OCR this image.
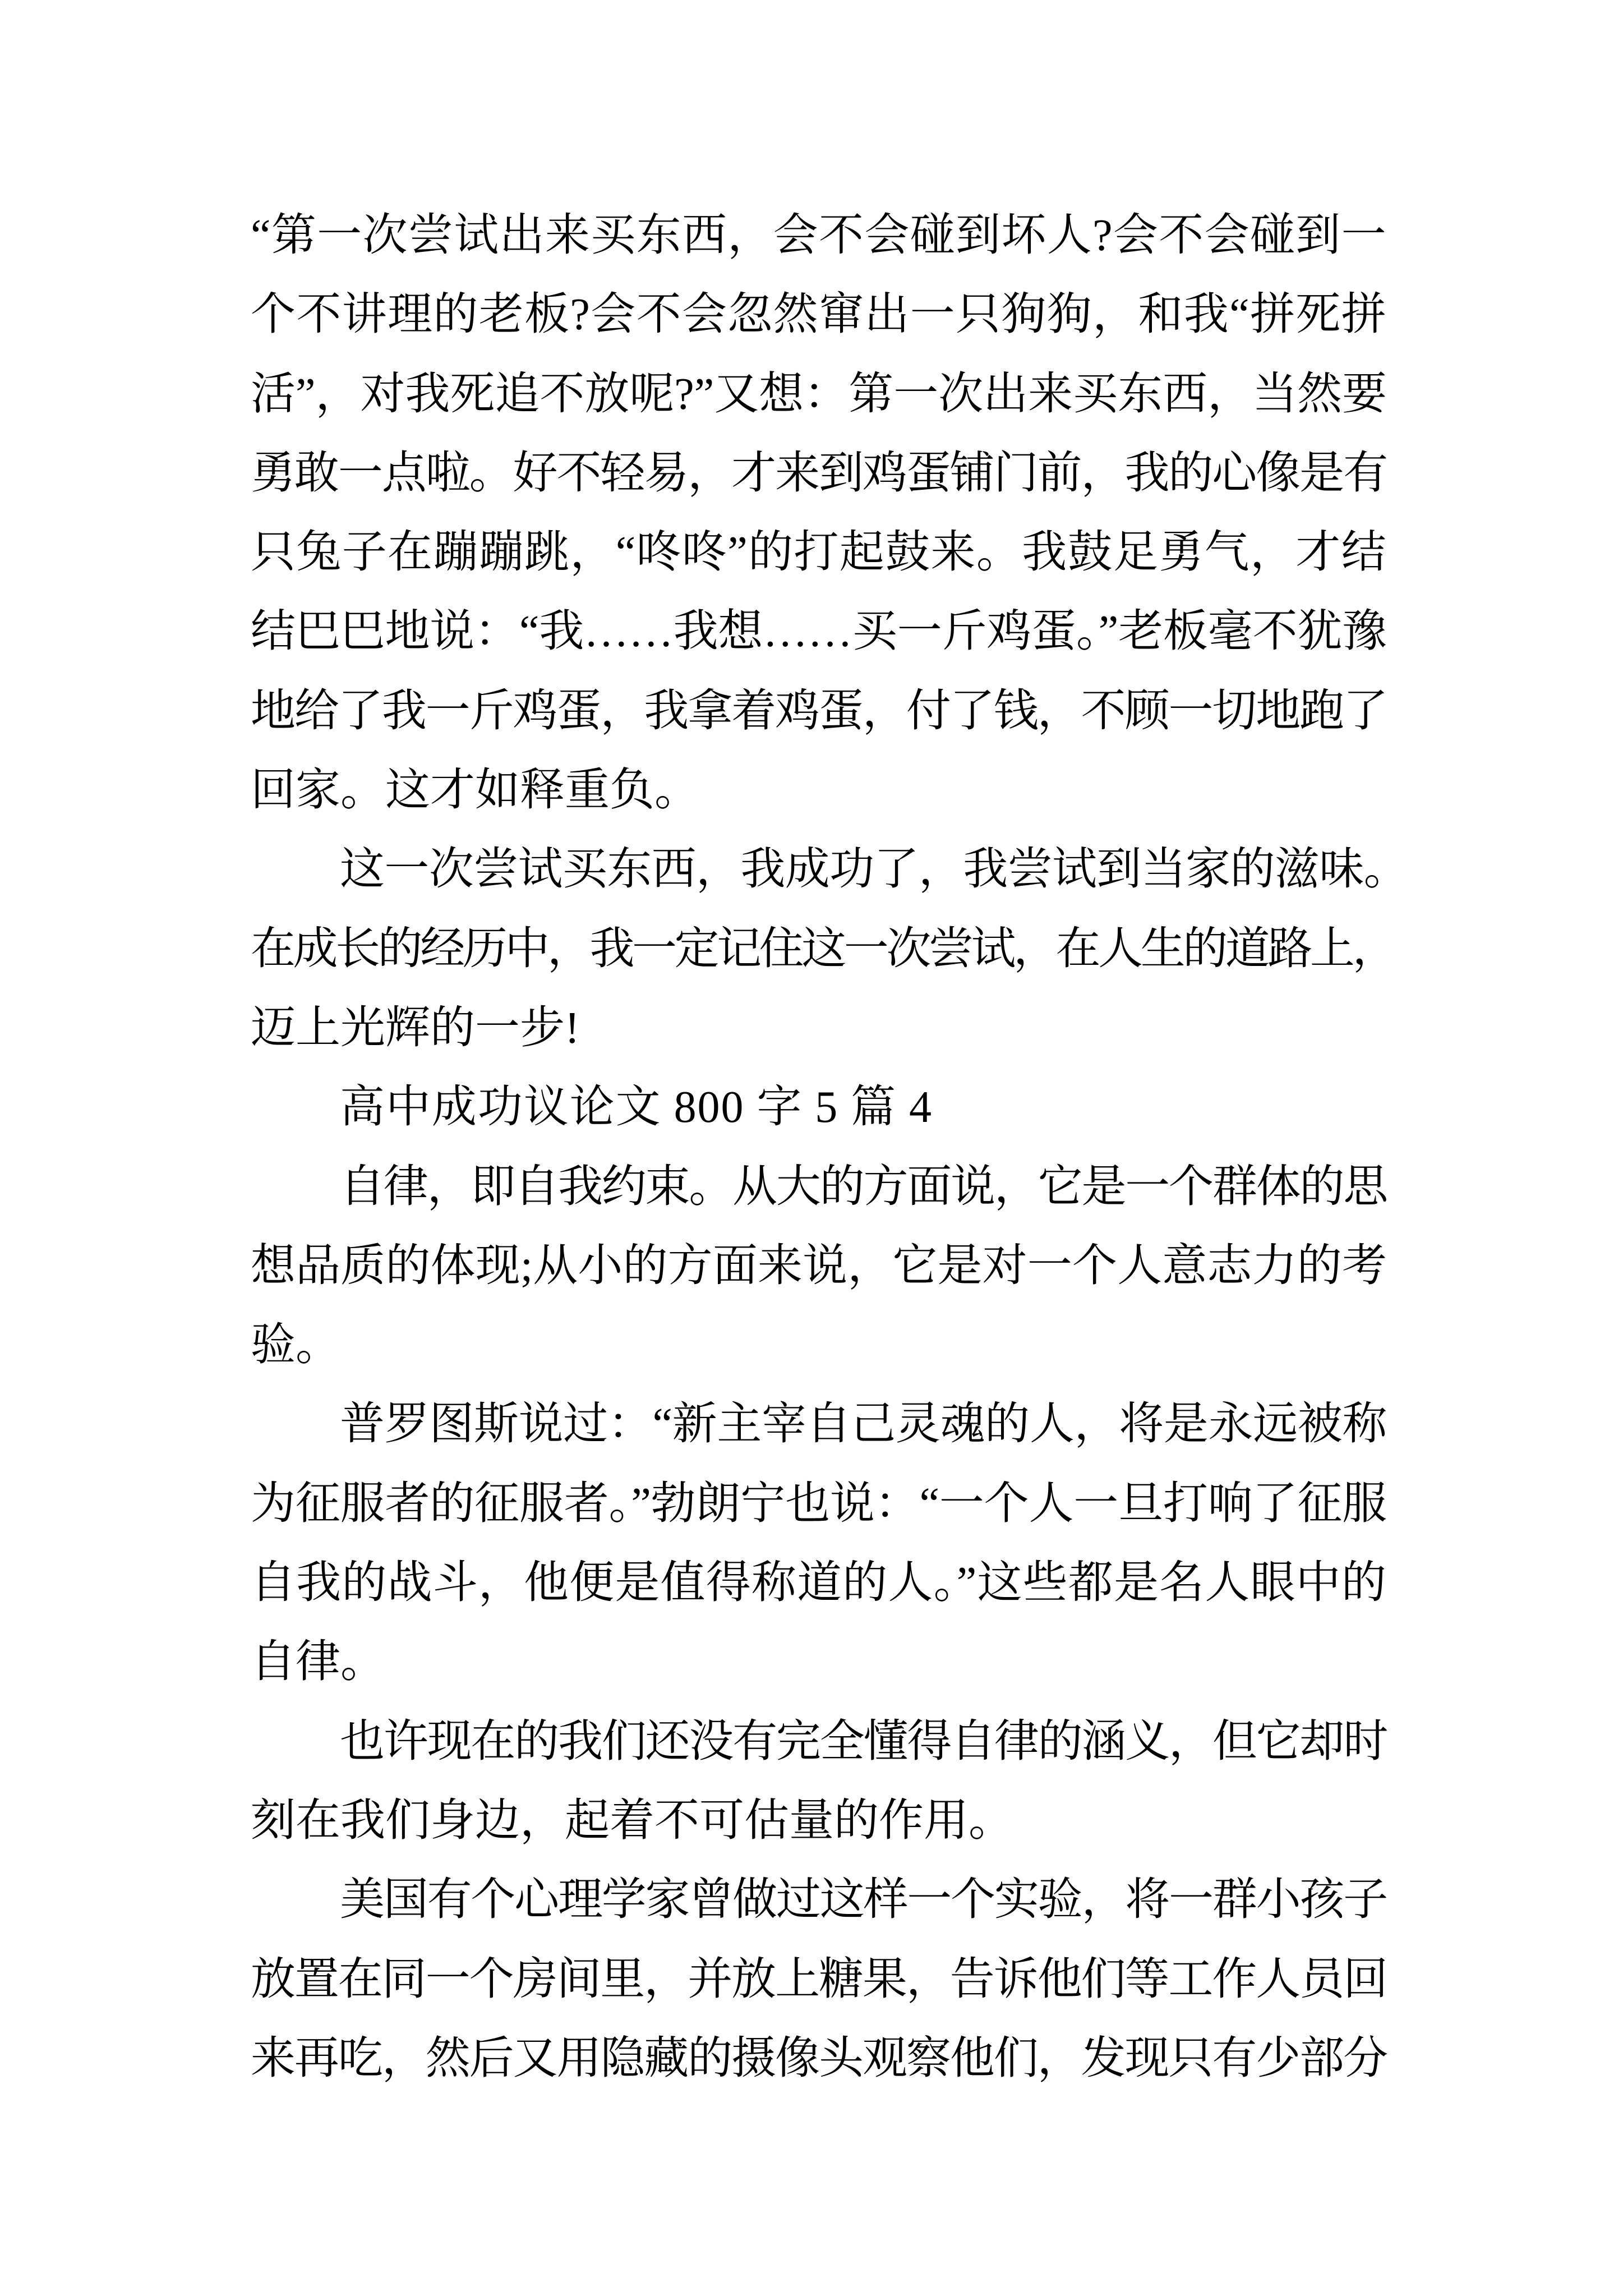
“第一次尝试出来买东西，会不会碰到坏人?会不会碰到一
个不讲理的老板?会不会忽然窜出一只狗狗，和我“拼死拼
活”，对我死追不放呢?”又想：第一次出来买东西，当然要
勇敢一点啦。好不轻易，才来到鸡蛋铺门前，我的心像是有
只兔子在蹦蹦跳，“咚咚”的打起鼓来。我鼓足勇气，才结
结巴巴地说：“我……我想……买一斤鸡蛋。”老板毫不犹豫
地给了我一斤鸡蛋，我拿着鸡蛋，付了钱，不顾一切地跑了
回家。这才如释重负。
这一次尝试买东西，我成功了，我尝试到当家的滋味。
在成长的经历中，我一定记住这一次尝试，在人生的道路上，
迈上光辉的一步!
高中成功议论文 800 字 5 篇 4
自律，即自我约束。从大的方面说，它是一个群体的思
想品质的体现;从小的方面来说，它是对一个人意志力的考
验。
普罗图斯说过：“新主宰自己灵魂的人，将是永远被称
为征服者的征服者。”勃朗宁也说：“一个人一旦打响了征服
自我的战斗，他便是值得称道的人。”这些都是名人眼中的
自律。
也许现在的我们还没有完全懂得自律的涵义，但它却时
刻在我们身边，起着不可估量的作用。
美国有个心理学家曾做过这样一个实验，将一群小孩子
放置在同一个房间里，并放上糖果，告诉他们等工作人员回
来再吃，然后又用隐藏的摄像头观察他们，发现只有少部分
